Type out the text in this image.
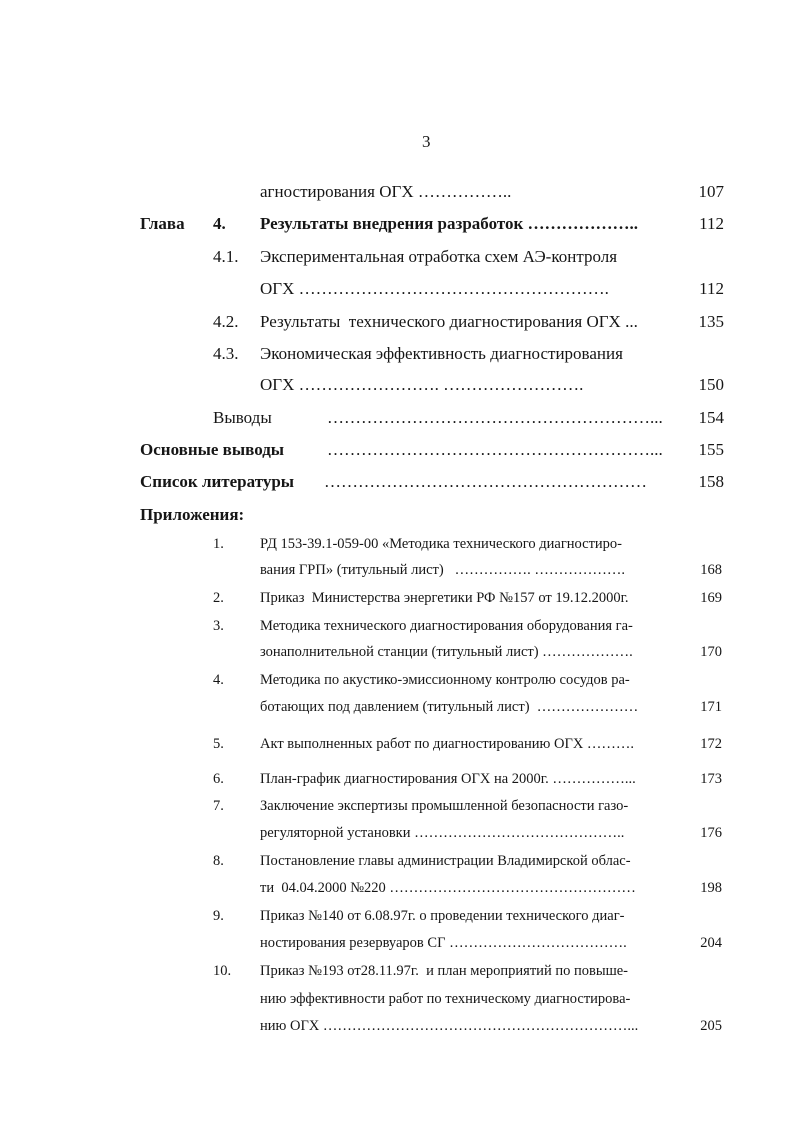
3
агностирования ОГХ ……………..	107
Глава 4. Результаты внедрения разработок ………………..	112
4.1. Экспериментальная отработка схем АЭ-контроля
ОГХ ……………………………………………….	112
4.2. Результаты  технического диагностирования ОГХ ...	135
4.3. Экономическая эффективность диагностирования
ОГХ ……………………. …………………….	150
Выводы	…………………………………………………...	154
Основные выводы	…………………………………………………...	155
Список литературы …………………………………………………	158
Приложения:
1. РД 153-39.1-059-00 «Методика технического диагностиро-
вания ГРП» (титульный лист)   ……………. ……………….	168
2. Приказ  Министерства энергетики РФ №157 от 19.12.2000г.	169
3. Методика технического диагностирования оборудования га-
зонаполнительной станции (титульный лист) ……………….	170
4. Методика по акустико-эмиссионному контролю сосудов ра-
ботающих под давлением (титульный лист)  …………………	171
5. Акт выполненных работ по диагностированию ОГХ ……….	172
6. План-график диагностирования ОГХ на 2000г. ……………...	173
7. Заключение экспертизы промышленной безопасности газо-
регуляторной установки ……………………………………..	176
8. Постановление главы администрации Владимирской облас-
ти  04.04.2000 №220 ……………………………………………	198
9. Приказ №140 от 6.08.97г. о проведении технического диаг-
ностирования резервуаров СГ ……………………………….	204
10. Приказ №193 от28.11.97г.  и план мероприятий по повыше-
нию эффективности работ по техническому диагностирова-
нию ОГХ ………………………………………………………...	205
